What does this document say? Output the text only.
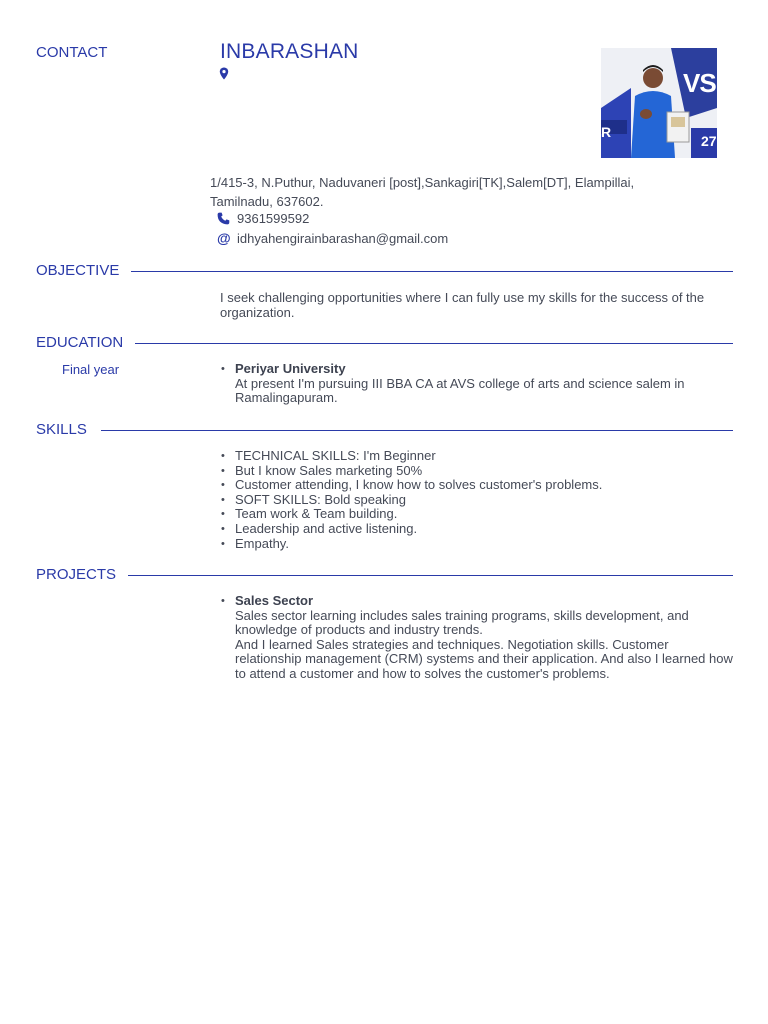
CONTACT	INBARASHAN
VS
R
27
1/415-3, N.Puthur, Naduvaneri [post],Sankagiri[TK],Salem[DT], Elampillai, Tamilnadu, 637602.
9361599592
@ idhyahengirainbarashan@gmail.com
OBJECTIVE
I seek challenging opportunities where I can fully use my skills for the success of the organization.
EDUCATION
Final year
•	Periyar University
At present I'm pursuing III BBA CA at AVS college of arts and science salem in Ramalingapuram.
SKILLS
• TECHNICAL SKILLS: I'm Beginner
• But I know Sales marketing 50%
• Customer attending, I know how to solves customer's problems.
• SOFT SKILLS: Bold speaking
• Team work & Team building.
• Leadership and active listening.
• Empathy.
PROJECTS
• Sales Sector
Sales sector learning includes sales training programs, skills development, and knowledge of products and industry trends.
And I learned Sales strategies and techniques. Negotiation skills. Customer relationship management (CRM) systems and their application. And also I learned how to attend a customer and how to solves the customer's problems.
